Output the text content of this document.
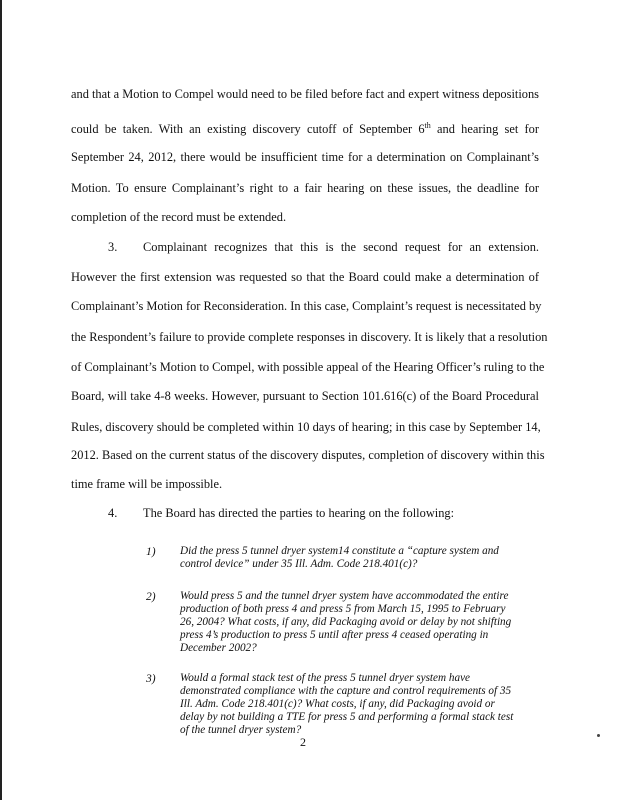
and that a Motion to Compel would need to be filed before fact and expert witness depositions
could be taken. With an existing discovery cutoff of September 6th and hearing set for
September 24, 2012, there would be insufficient time for a determination on Complainant’s
Motion. To ensure Complainant’s right to a fair hearing on these issues, the deadline for
completion of the record must be extended.
3. Complainant recognizes that this is the second request for an extension.
However the first extension was requested so that the Board could make a determination of
Complainant’s Motion for Reconsideration. In this case, Complaint’s request is necessitated by
the Respondent’s failure to provide complete responses in discovery. It is likely that a resolution
of Complainant’s Motion to Compel, with possible appeal of the Hearing Officer’s ruling to the
Board, will take 4-8 weeks. However, pursuant to Section 101.616(c) of the Board Procedural
Rules, discovery should be completed within 10 days of hearing; in this case by September 14,
2012. Based on the current status of the discovery disputes, completion of discovery within this
time frame will be impossible.
4. The Board has directed the parties to hearing on the following:
1) Did the press 5 tunnel dryer system14 constitute a “capture system and
control device” under 35 Ill. Adm. Code 218.401(c)?
2) Would press 5 and the tunnel dryer system have accommodated the entire
production of both press 4 and press 5 from March 15, 1995 to February
26, 2004? What costs, if any, did Packaging avoid or delay by not shifting
press 4’s production to press 5 until after press 4 ceased operating in
December 2002?
3) Would a formal stack test of the press 5 tunnel dryer system have
demonstrated compliance with the capture and control requirements of 35
Ill. Adm. Code 218.401(c)? What costs, if any, did Packaging avoid or
delay by not building a TTE for press 5 and performing a formal stack test
of the tunnel dryer system?
2
